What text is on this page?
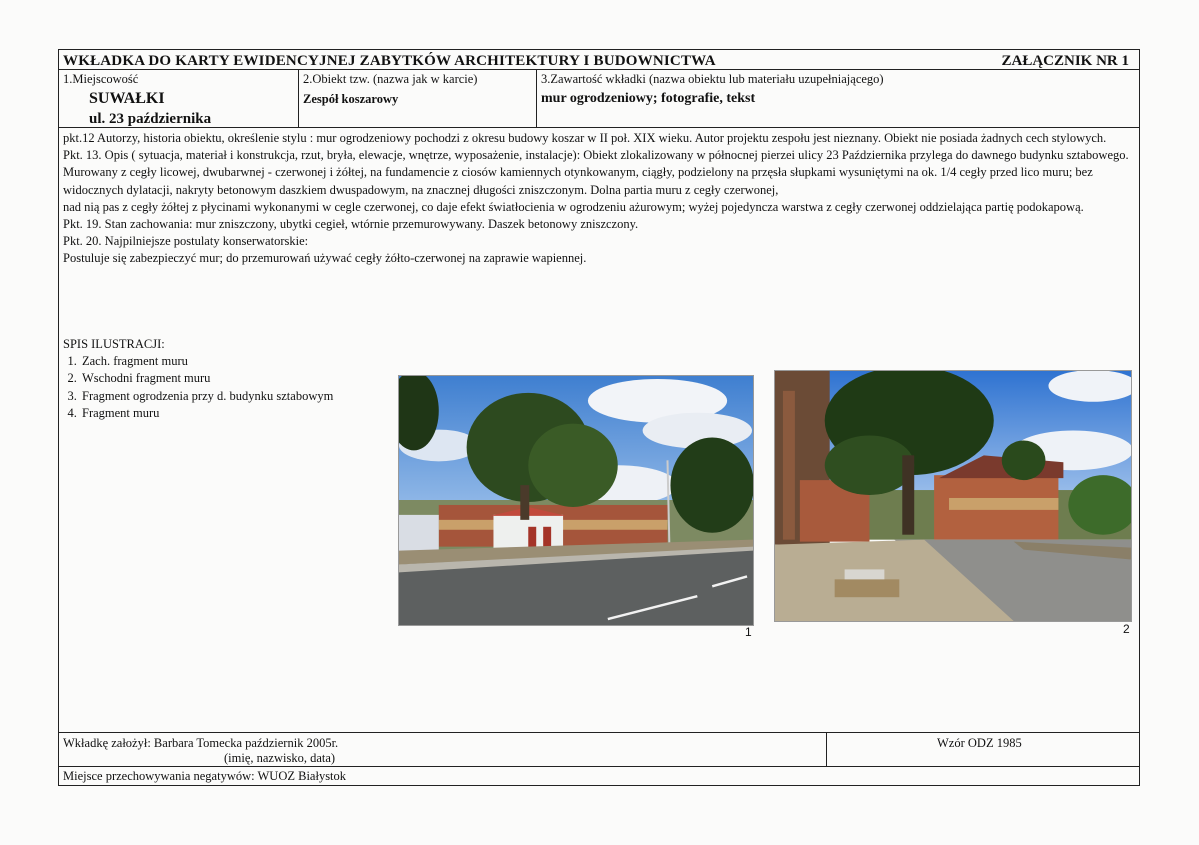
WKŁADKA DO KARTY EWIDENCYJNEJ ZABYTKÓW ARCHITEKTURY I BUDOWNICTWA	ZAŁĄCZNIK NR 1
1.Miejscowość
SUWAŁKI
ul. 23 października
2.Obiekt tzw. (nazwa jak w karcie)
Zespół koszarowy
3.Zawartość wkładki (nazwa obiektu lub materiału uzupełniającego)
mur ogrodzeniowy; fotografie, tekst

pkt.12 Autorzy, historia obiektu, określenie stylu : mur ogrodzeniowy pochodzi z okresu budowy koszar w II poł. XIX wieku. Autor projektu zespołu jest nieznany. Obiekt nie posiada żadnych cech stylowych.

Pkt. 13. Opis ( sytuacja, materiał i konstrukcja, rzut, bryła, elewacje, wnętrze, wyposażenie, instalacje): Obiekt zlokalizowany w północnej pierzei ulicy 23 Października przylega do dawnego budynku sztabowego. Murowany z cegły licowej, dwubarwnej - czerwonej i żółtej, na fundamencie z ciosów kamiennych otynkowanym, ciągły, podzielony na przęsła słupkami wysuniętymi na ok. 1/4 cegły przed lico muru; bez widocznych dylatacji, nakryty betonowym daszkiem dwuspadowym, na znacznej długości zniszczonym. Dolna partia muru z cegły czerwonej,

nad nią pas z cegły żółtej z płycinami wykonanymi w cegle czerwonej, co daje efekt światłocienia w ogrodzeniu ażurowym; wyżej pojedyncza warstwa z cegły czerwonej oddzielająca partię podokapową.

Pkt. 19. Stan zachowania: mur zniszczony, ubytki cegieł, wtórnie przemurowywany. Daszek betonowy zniszczony.

Pkt. 20. Najpilniejsze postulaty konserwatorskie:

Postuluje się zabezpieczyć mur; do przemurowań używać cegły żółto-czerwonej na zaprawie wapiennej.

SPIS ILUSTRACJI:

1. Zach. fragment muru
2. Wschodni fragment muru
3. Fragment ogrodzenia przy d. budynku sztabowym
4. Fragment muru
1	2
Wkładkę założył: Barbara Tomecka październik 2005r.
(imię, nazwisko, data)
Wzór ODZ 1985
Miejsce przechowywania negatywów: WUOZ Białystok
